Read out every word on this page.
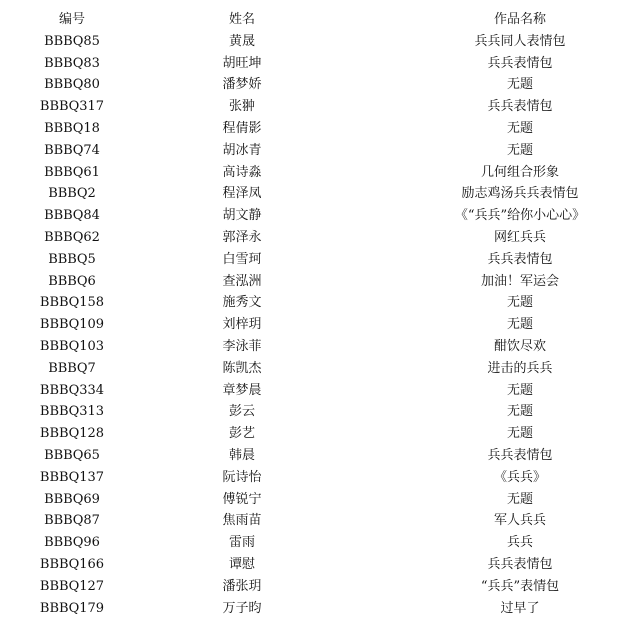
编号	姓名	作品名称
BBBQ85	黄晟	兵兵同人表情包
BBBQ83	胡旺坤	兵兵表情包
BBBQ80	潘梦娇	无题
BBBQ317	张翀	兵兵表情包
BBBQ18	程倩影	无题
BBBQ74	胡冰青	无题
BBBQ61	高诗淼	几何组合形象
BBBQ2	程泽凤	励志鸡汤兵兵表情包
BBBQ84	胡文静	《“兵兵”给你小心心》
BBBQ62	郭泽永	网红兵兵
BBBQ5	白雪珂	兵兵表情包
BBBQ6	查泓洲	加油！军运会
BBBQ158	施秀文	无题
BBBQ109	刘梓玥	无题
BBBQ103	李泳菲	酣饮尽欢
BBBQ7	陈凯杰	进击的兵兵
BBBQ334	章梦晨	无题
BBBQ313	彭云	无题
BBBQ128	彭艺	无题
BBBQ65	韩晨	兵兵表情包
BBBQ137	阮诗怡	《兵兵》
BBBQ69	傅锐宁	无题
BBBQ87	焦雨苗	军人兵兵
BBBQ96	雷雨	兵兵
BBBQ166	谭慰	兵兵表情包
BBBQ127	潘张玥	“兵兵”表情包
BBBQ179	万子昀	过早了
